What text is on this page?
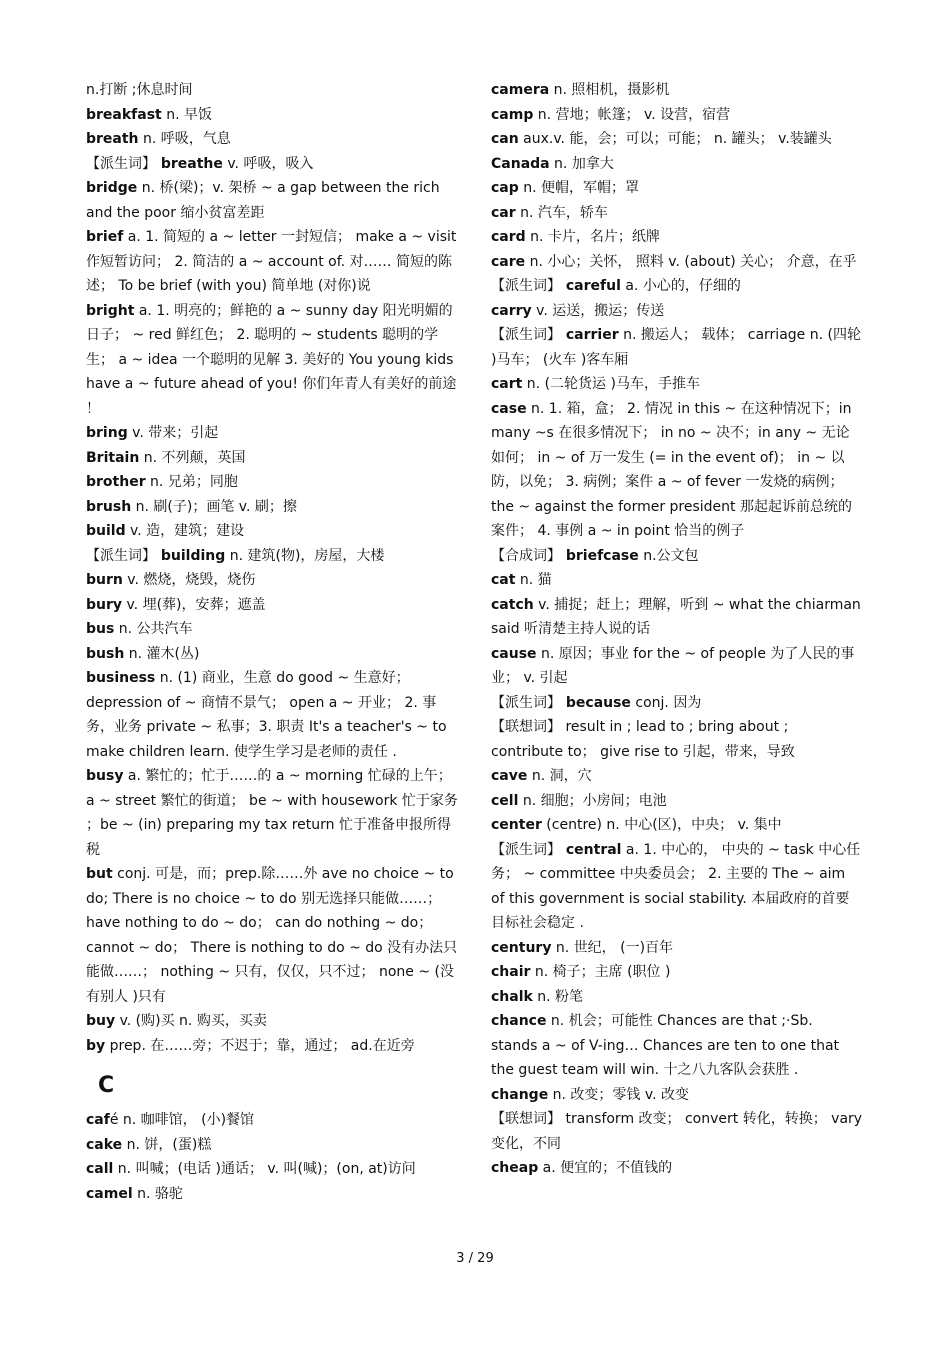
n.打断 ;休息时间
breakfast n. 早饭
breath n. 呼吸，气息
【派生词】 breathe v. 呼吸，吸入
bridge n. 桥(梁)；v. 架桥 ~ a gap between the rich and the poor 缩小贫富差距
brief a. 1. 简短的 a ~ letter 一封短信； make a ~ visit 作短暂访问； 2. 简洁的 a ~ account of. 对…… 简短的陈述； To be brief (with you) 简单地 (对你)说
bright a. 1. 明亮的；鲜艳的 a ~ sunny day 阳光明媚的日子； ~ red 鲜红色； 2. 聪明的 ~ students 聪明的学生； a ~ idea 一个聪明的见解 3. 美好的 You young kids have a ~ future ahead of you! 你们年青人有美好的前途 ！
bring v. 带来；引起
Britain n. 不列颠，英国
brother n. 兄弟；同胞
brush n. 刷(子)；画笔 v. 刷；擦
build v. 造，建筑；建设
【派生词】 building n. 建筑(物)，房屋，大楼
burn v. 燃烧，烧毁，烧伤
bury v. 埋(葬)，安葬；遮盖
bus n. 公共汽车
bush n. 灌木(丛)
business n. (1) 商业，生意 do good ~ 生意好； depression of ~ 商情不景气； open a ~ 开业； 2. 事务，业务 private ~ 私事；3. 职责 It's a teacher's ~ to make children learn. 使学生学习是老师的责任 .
busy a. 繁忙的；忙于……的 a ~ morning 忙碌的上午； a ~ street 繁忙的街道； be ~ with housework 忙于家务 ；be ~ (in) preparing my tax return 忙于准备申报所得税
but conj. 可是，而；prep.除……外 ave no choice ~ to do; There is no choice ~ to do 别无选择只能做……； have nothing to do ~ do； can do nothing ~ do； cannot ~ do； There is nothing to do ~ do 没有办法只能做……； nothing ~ 只有，仅仅，只不过； none ~ (没有别人 )只有
buy v. (购)买 n. 购买，买卖
by prep. 在……旁；不迟于；靠，通过； ad.在近旁
C
café n. 咖啡馆， (小)餐馆
cake n. 饼，(蛋)糕
call n. 叫喊；(电话 )通话； v. 叫(喊)；(on, at)访问
camel n. 骆驼
camera n. 照相机，摄影机
camp n. 营地；帐篷； v. 设营，宿营
can aux.v. 能，会；可以；可能； n. 罐头； v.装罐头
Canada n. 加拿大
cap n. 便帽，军帽；罩
car n. 汽车，轿车
card n. 卡片，名片；纸牌
care n. 小心；关怀， 照料 v. (about) 关心； 介意，在乎
【派生词】 careful a. 小心的，仔细的
carry v. 运送，搬运；传送
【派生词】 carrier n. 搬运人； 载体； carriage n. (四轮 )马车； (火车 )客车厢
cart n. (二轮货运 )马车，手推车
case n. 1. 箱，盒； 2. 情况 in this ~ 在这种情况下；in many ~s 在很多情况下； in no ~ 决不；in any ~ 无论如何； in ~ of 万一发生 (= in the event of)； in ~ 以防，以免； 3. 病例；案件 a ~ of fever 一发烧的病例； the ~ against the former president 那起起诉前总统的案件； 4. 事例 a ~ in point 恰当的例子
【合成词】 briefcase n.公文包
cat n. 猫
catch v. 捕捉；赶上；理解，听到 ~ what the chiarman said 听清楚主持人说的话
cause n. 原因；事业 for the ~ of people 为了人民的事业； v. 引起
【派生词】 because conj. 因为
【联想词】 result in ; lead to ; bring about ; contribute to； give rise to 引起，带来，导致
cave n. 洞，穴
cell n. 细胞；小房间；电池
center (centre) n. 中心(区)，中央； v. 集中
【派生词】 central a. 1. 中心的， 中央的 ~ task 中心任务； ~ committee 中央委员会； 2. 主要的 The ~ aim of this government is social stability. 本届政府的首要目标社会稳定 .
century n. 世纪， (一)百年
chair n. 椅子；主席 (职位 )
chalk n. 粉笔
chance n. 机会；可能性 Chances are that ;·Sb. stands a ~ of V-ing… Chances are ten to one that the guest team will win. 十之八九客队会获胜 .
change n. 改变；零钱 v. 改变
【联想词】 transform 改变； convert 转化，转换； vary 变化，不同
cheap a. 便宜的；不值钱的
3 / 29
